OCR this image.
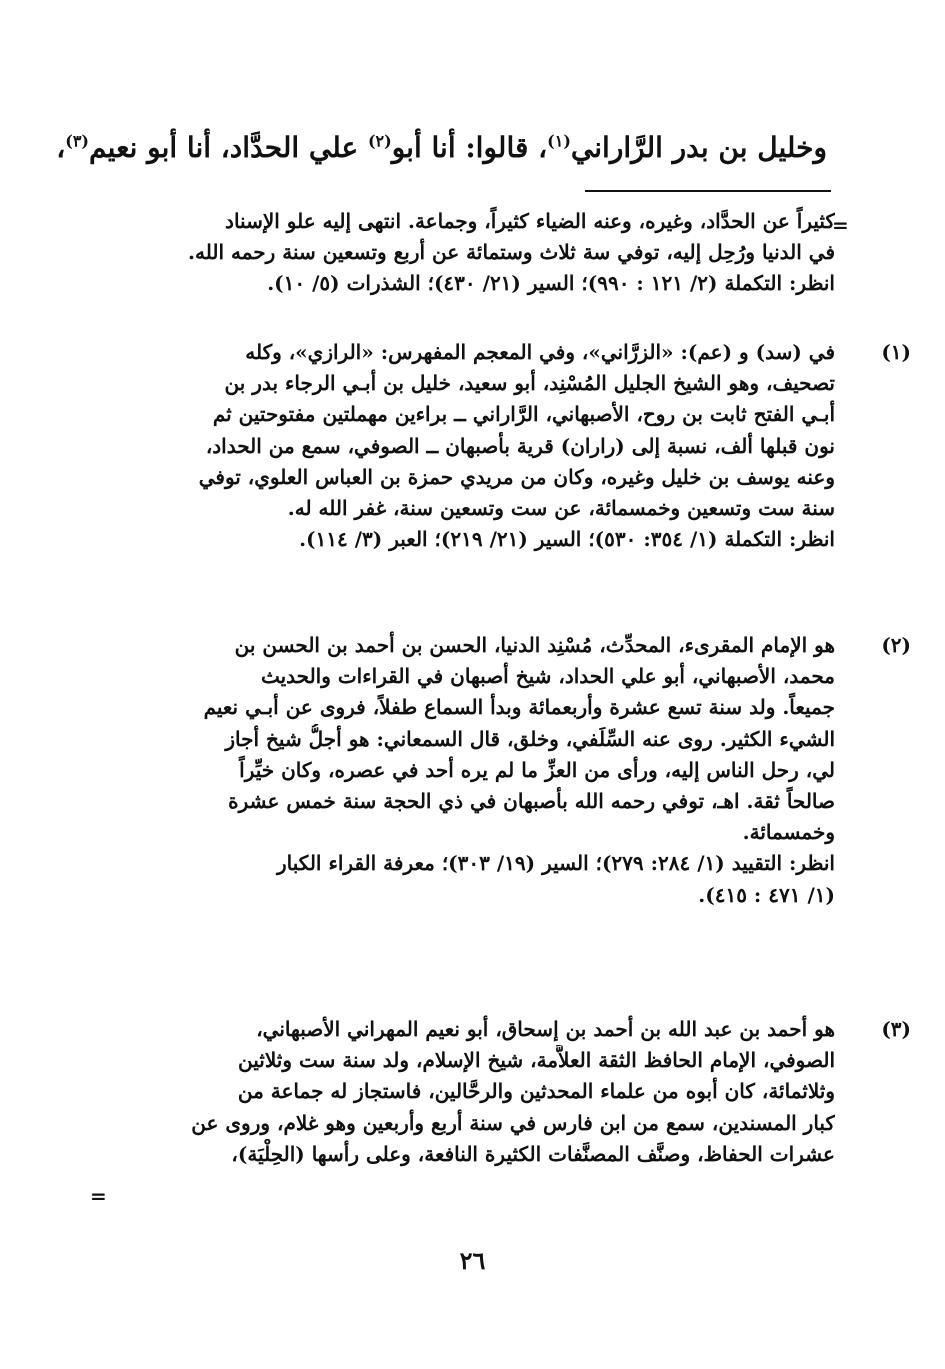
وخليل بن بدر الرَّاراني$^{(١)}$، قالوا: أنا أبو$^{(٢)}$ علي الحدَّاد، أنا أبو نعيم$^{(٣)}$،
=
كثيراً عن الحدَّاد، وغيره، وعنه الضياء كثيراً، وجماعة. انتهى إليه علو الإسناد
في الدنيا ورُحِل إليه، توفي سة ثلاث وستمائة عن أربع وتسعين سنة رحمه الله.
انظر: التكملة (٢/ ١٢١ : ٩٩٠)؛ السير (٢١/ ٤٣٠)؛ الشذرات (٥/ ١٠).
(١)
في (سد) و (عم): «الزرَّاني»، وفي المعجم المفهرس: «الرازي»، وكله
تصحيف، وهو الشيخ الجليل المُسْنِد، أبو سعيد، خليل بن أبـي الرجاء بدر بن
أبـي الفتح ثابت بن روح، الأصبهاني، الرَّاراني ــ براءين مهملتين مفتوحتين ثم
نون قبلها ألف، نسبة إلى (راران) قرية بأصبهان ــ الصوفي، سمع من الحداد،
وعنه يوسف بن خليل وغيره، وكان من مريدي حمزة بن العباس العلوي، توفي
سنة ست وتسعين وخمسمائة، عن ست وتسعين سنة، غفر الله له.
انظر: التكملة (١/ ٣٥٤: ٥٣٠)؛ السير (٢١/ ٢١٩)؛ العبر (٣/ ١١٤).
(٢)
هو الإمام المقرىء، المحدِّث، مُسْنِد الدنيا، الحسن بن أحمد بن الحسن بن
محمد، الأصبهاني، أبو علي الحداد، شيخ أصبهان في القراءات والحديث
جميعاً. ولد سنة تسع عشرة وأربعمائة وبدأ السماع طفلاً، فروى عن أبـي نعيم
الشيء الكثير. روى عنه السِّلَفي، وخلق، قال السمعاني: هو أجلُّ شيخ أجاز
لي، رحل الناس إليه، ورأى من العزِّ ما لم يره أحد في عصره، وكان خيِّراً
صالحاً ثقة. اهـ، توفي رحمه الله بأصبهان في ذي الحجة سنة خمس عشرة
وخمسمائة.
انظر: التقييد (١/ ٢٨٤: ٢٧٩)؛ السير (١٩/ ٣٠٣)؛ معرفة القراء الكبار
(١/ ٤٧١ : ٤١٥).
(٣)
هو أحمد بن عبد الله بن أحمد بن إسحاق، أبو نعيم المهراني الأصبهاني،
الصوفي، الإمام الحافظ الثقة العلاَّمة، شيخ الإسلام، ولد سنة ست وثلاثين
وثلاثمائة، كان أبوه من علماء المحدثين والرحَّالين، فاستجاز له جماعة من
كبار المسندين، سمع من ابن فارس في سنة أربع وأربعين وهو غلام، وروى عن
عشرات الحفاظ، وصنَّف المصنَّفات الكثيرة النافعة، وعلى رأسها (الحِلْيَة)،
=
٢٦
